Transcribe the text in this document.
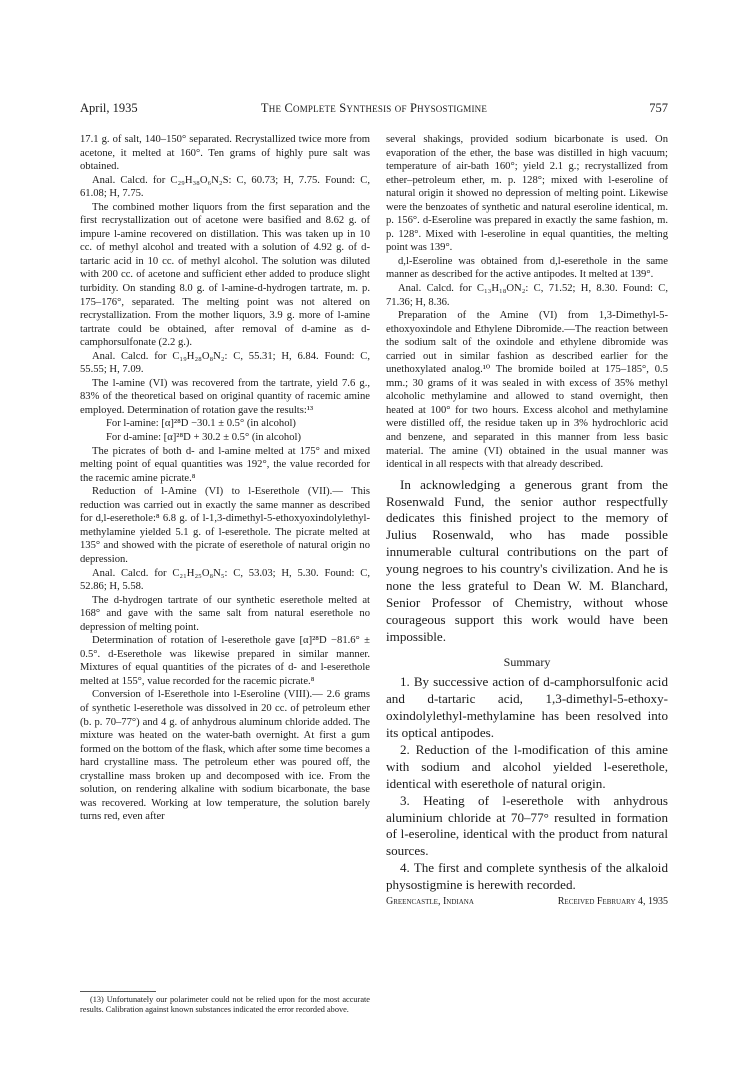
April, 1935	The Complete Synthesis of Physostigmine	757

17.1 g. of salt, 140–150° separated. Recrystallized twice more from acetone, it melted at 160°. Ten grams of highly pure salt was obtained.

Anal. Calcd. for C₂₉H₃₈O₆N₂S: C, 60.73; H, 7.75. Found: C, 61.08; H, 7.75.

The combined mother liquors from the first separation and the first recrystallization out of acetone were basified and 8.62 g. of impure l-amine recovered on distillation. This was taken up in 10 cc. of methyl alcohol and treated with a solution of 4.92 g. of d-tartaric acid in 10 cc. of methyl alcohol. The solution was diluted with 200 cc. of acetone and sufficient ether added to produce slight turbidity. On standing 8.0 g. of l-amine-d-hydrogen tartrate, m. p. 175–176°, separated. The melting point was not altered on recrystallization. From the mother liquors, 3.9 g. more of l-amine tartrate could be obtained, after removal of d-amine as d-camphorsulfonate (2.2 g.).

Anal. Calcd. for C₁₉H₂₈O₈N₂: C, 55.31; H, 6.84. Found: C, 55.55; H, 7.09.

The l-amine (VI) was recovered from the tartrate, yield 7.6 g., 83% of the theoretical based on original quantity of racemic amine employed. Determination of rotation gave the results:¹³

For l-amine: [α]²⁸D −30.1 ± 0.5° (in alcohol)

For d-amine: [α]²⁸D + 30.2 ± 0.5° (in alcohol)

The picrates of both d- and l-amine melted at 175° and mixed melting point of equal quantities was 192°, the value recorded for the racemic amine picrate.⁸

Reduction of l-Amine (VI) to l-Eserethole (VII).— This reduction was carried out in exactly the same manner as described for d,l-eserethole:⁸ 6.8 g. of l-1,3-dimethyl-5-ethoxyoxindolylethyl-methylamine yielded 5.1 g. of l-eserethole. The picrate melted at 135° and showed with the picrate of eserethole of natural origin no depression.

Anal. Calcd. for C₂₁H₂₅O₈N₅: C, 53.03; H, 5.30. Found: C, 52.86; H, 5.58.

The d-hydrogen tartrate of our synthetic eserethole melted at 168° and gave with the same salt from natural eserethole no depression of melting point.

Determination of rotation of l-eserethole gave [α]²⁸D −81.6° ± 0.5°. d-Eserethole was likewise prepared in similar manner. Mixtures of equal quantities of the picrates of d- and l-eserethole melted at 155°, value recorded for the racemic picrate.⁸

Conversion of l-Eserethole into l-Eseroline (VIII).— 2.6 grams of synthetic l-eserethole was dissolved in 20 cc. of petroleum ether (b. p. 70–77°) and 4 g. of anhydrous aluminum chloride added. The mixture was heated on the water-bath overnight. At first a gum formed on the bottom of the flask, which after some time becomes a hard crystalline mass. The petroleum ether was poured off, the crystalline mass broken up and decomposed with ice. From the solution, on rendering alkaline with sodium bicarbonate, the base was recovered. Working at low temperature, the solution barely turns red, even after

(13) Unfortunately our polarimeter could not be relied upon for the most accurate results. Calibration against known substances indicated the error recorded above.

several shakings, provided sodium bicarbonate is used. On evaporation of the ether, the base was distilled in high vacuum; temperature of air-bath 160°; yield 2.1 g.; recrystallized from ether–petroleum ether, m. p. 128°; mixed with l-eseroline of natural origin it showed no depression of melting point. Likewise were the benzoates of synthetic and natural eseroline identical, m. p. 156°. d-Eseroline was prepared in exactly the same fashion, m. p. 128°. Mixed with l-eseroline in equal quantities, the melting point was 139°.

d,l-Eseroline was obtained from d,l-eserethole in the same manner as described for the active antipodes. It melted at 139°.

Anal. Calcd. for C₁₃H₁₈ON₂: C, 71.52; H, 8.30. Found: C, 71.36; H, 8.36.

Preparation of the Amine (VI) from 1,3-Dimethyl-5-ethoxyoxindole and Ethylene Dibromide.—The reaction between the sodium salt of the oxindole and ethylene dibromide was carried out in similar fashion as described earlier for the unethoxylated analog.¹⁰ The bromide boiled at 175–185°, 0.5 mm.; 30 grams of it was sealed in with excess of 35% methyl alcoholic methylamine and allowed to stand overnight, then heated at 100° for two hours. Excess alcohol and methylamine were distilled off, the residue taken up in 3% hydrochloric acid and benzene, and separated in this manner from less basic material. The amine (VI) obtained in the usual manner was identical in all respects with that already described.

In acknowledging a generous grant from the Rosenwald Fund, the senior author respectfully dedicates this finished project to the memory of Julius Rosenwald, who has made possible innumerable cultural contributions on the part of young negroes to his country's civilization. And he is none the less grateful to Dean W. M. Blanchard, Senior Professor of Chemistry, without whose courageous support this work would have been impossible.

Summary

1. By successive action of d-camphorsulfonic acid and d-tartaric acid, 1,3-dimethyl-5-ethoxy-oxindolylethyl-methylamine has been resolved into its optical antipodes.

2. Reduction of the l-modification of this amine with sodium and alcohol yielded l-eserethole, identical with eserethole of natural origin.

3. Heating of l-eserethole with anhydrous aluminium chloride at 70–77° resulted in formation of l-eseroline, identical with the product from natural sources.

4. The first and complete synthesis of the alkaloid physostigmine is herewith recorded.

Greencastle, Indiana	Received February 4, 1935
